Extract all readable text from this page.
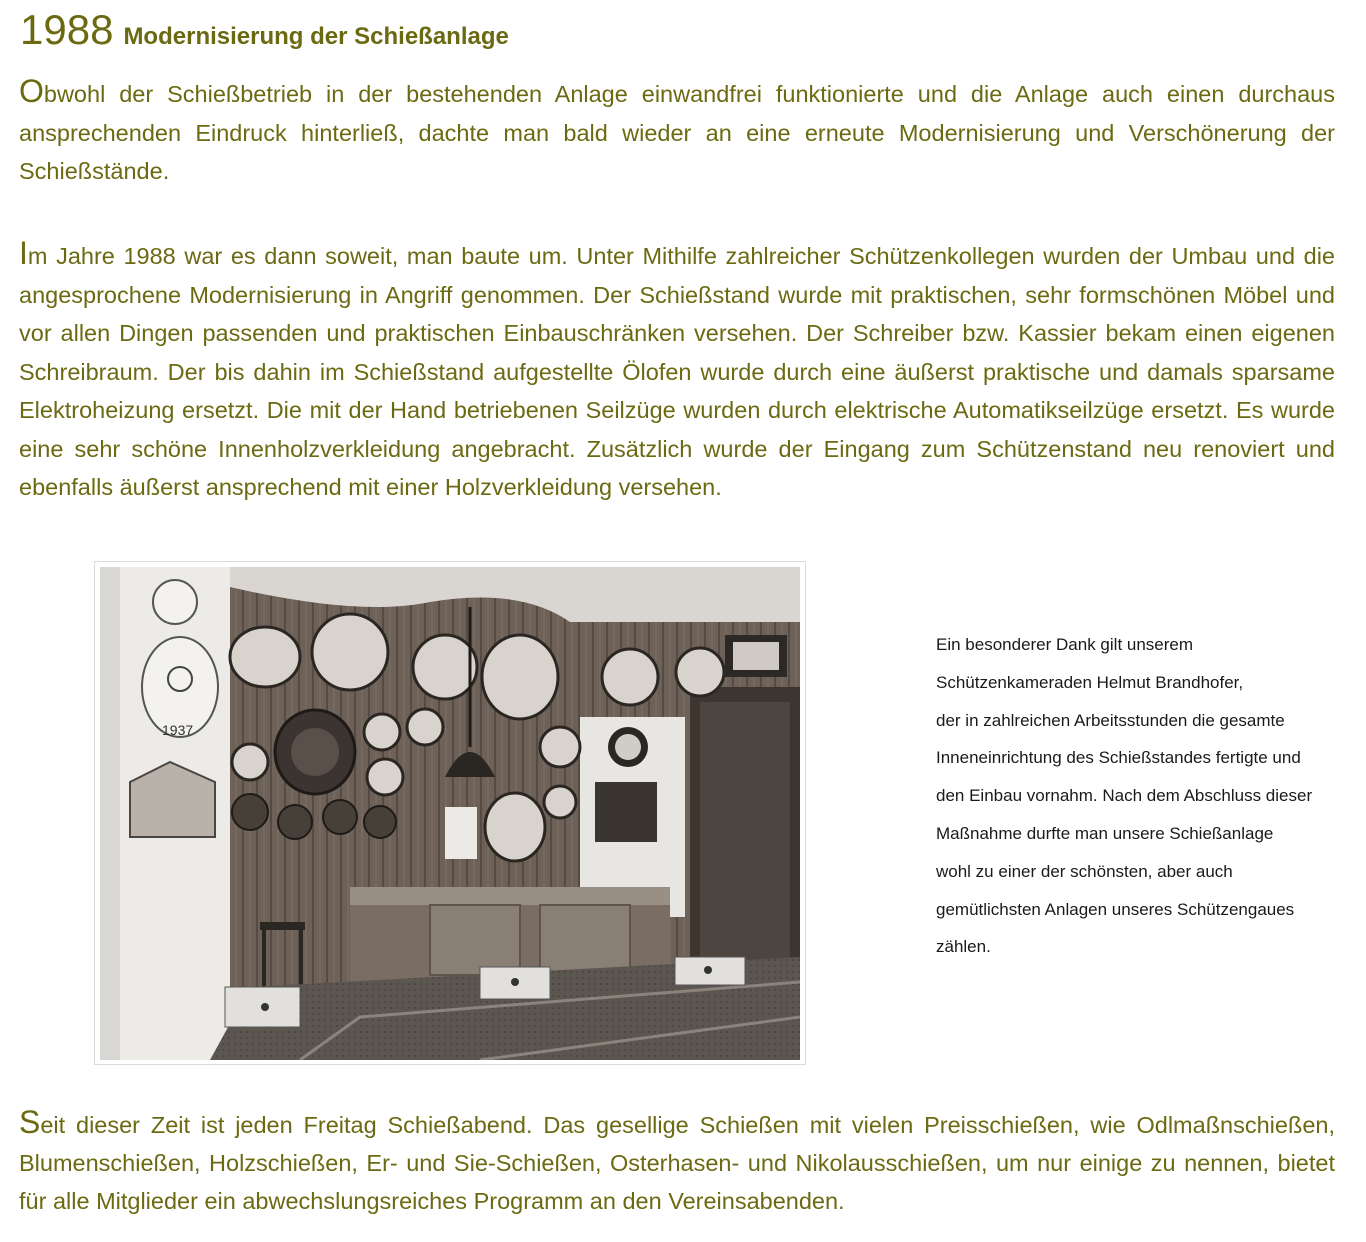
1988 Modernisierung der Schießanlage

Obwohl der Schießbetrieb in der bestehenden Anlage einwandfrei funktionierte und die Anlage auch einen durchaus ansprechenden Eindruck hinterließ, dachte man bald wieder an eine erneute Modernisierung und Verschönerung der Schießstände.

Im Jahre 1988 war es dann soweit, man baute um. Unter Mithilfe zahlreicher Schützenkollegen wurden der Umbau und die angesprochene Modernisierung in Angriff genommen. Der Schießstand wurde mit praktischen, sehr formschönen Möbel und vor allen Dingen passenden und praktischen Einbauschränken versehen. Der Schreiber bzw. Kassier bekam einen eigenen Schreibraum. Der bis dahin im Schießstand aufgestellte Ölofen wurde durch eine äußerst praktische und damals sparsame Elektroheizung ersetzt. Die mit der Hand betriebenen Seilzüge wurden durch elektrische Automatikseilzüge ersetzt. Es wurde eine sehr schöne Innenholzverkleidung angebracht. Zusätzlich wurde der Eingang zum Schützenstand neu renoviert und ebenfalls äußerst ansprechend mit einer Holzverkleidung versehen.

1937
Ein besonderer Dank gilt unserem
Schützenkameraden Helmut Brandhofer,
der in zahlreichen Arbeitsstunden die gesamte
Inneneinrichtung des Schießstandes fertigte und
den Einbau vornahm. Nach dem Abschluss dieser
Maßnahme durfte man unsere Schießanlage
wohl zu einer der schönsten, aber auch
gemütlichsten Anlagen unseres Schützengaues
zählen.

Seit dieser Zeit ist jeden Freitag Schießabend. Das gesellige Schießen mit vielen Preisschießen, wie Odlmaßnschießen, Blumenschießen, Holzschießen, Er- und Sie-Schießen, Osterhasen- und Nikolausschießen, um nur einige zu nennen, bietet für alle Mitglieder ein abwechslungsreiches Programm an den Vereinsabenden.
